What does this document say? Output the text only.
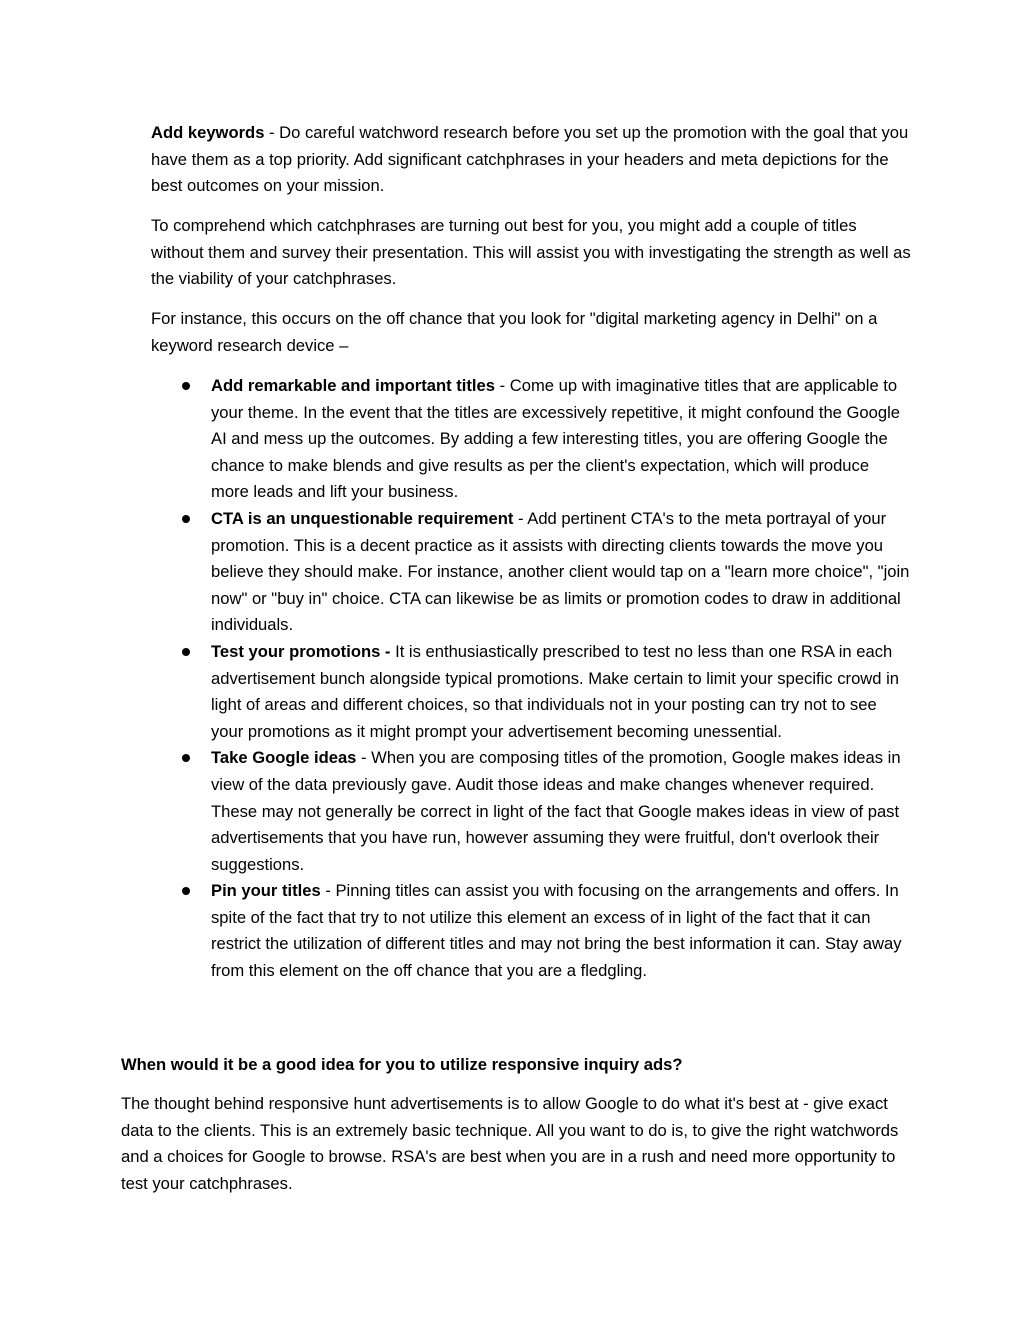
Add keywords - Do careful watchword research before you set up the promotion with the goal that you have them as a top priority. Add significant catchphrases in your headers and meta depictions for the best outcomes on your mission.

To comprehend which catchphrases are turning out best for you, you might add a couple of titles without them and survey their presentation. This will assist you with investigating the strength as well as the viability of your catchphrases.

For instance, this occurs on the off chance that you look for "digital marketing agency in Delhi" on a keyword research device –

Add remarkable and important titles - Come up with imaginative titles that are applicable to your theme. In the event that the titles are excessively repetitive, it might confound the Google AI and mess up the outcomes. By adding a few interesting titles, you are offering Google the chance to make blends and give results as per the client's expectation, which will produce more leads and lift your business.
CTA is an unquestionable requirement - Add pertinent CTA's to the meta portrayal of your promotion. This is a decent practice as it assists with directing clients towards the move you believe they should make. For instance, another client would tap on a "learn more choice", "join now" or "buy in" choice. CTA can likewise be as limits or promotion codes to draw in additional individuals.
Test your promotions - It is enthusiastically prescribed to test no less than one RSA in each advertisement bunch alongside typical promotions. Make certain to limit your specific crowd in light of areas and different choices, so that individuals not in your posting can try not to see your promotions as it might prompt your advertisement becoming unessential.
Take Google ideas - When you are composing titles of the promotion, Google makes ideas in view of the data previously gave. Audit those ideas and make changes whenever required. These may not generally be correct in light of the fact that Google makes ideas in view of past advertisements that you have run, however assuming they were fruitful, don't overlook their suggestions.
Pin your titles - Pinning titles can assist you with focusing on the arrangements and offers. In spite of the fact that try to not utilize this element an excess of in light of the fact that it can restrict the utilization of different titles and may not bring the best information it can. Stay away from this element on the off chance that you are a fledgling.
When would it be a good idea for you to utilize responsive inquiry ads?

The thought behind responsive hunt advertisements is to allow Google to do what it's best at - give exact data to the clients. This is an extremely basic technique. All you want to do is, to give the right watchwords and a choices for Google to browse. RSA's are best when you are in a rush and need more opportunity to test your catchphrases.
